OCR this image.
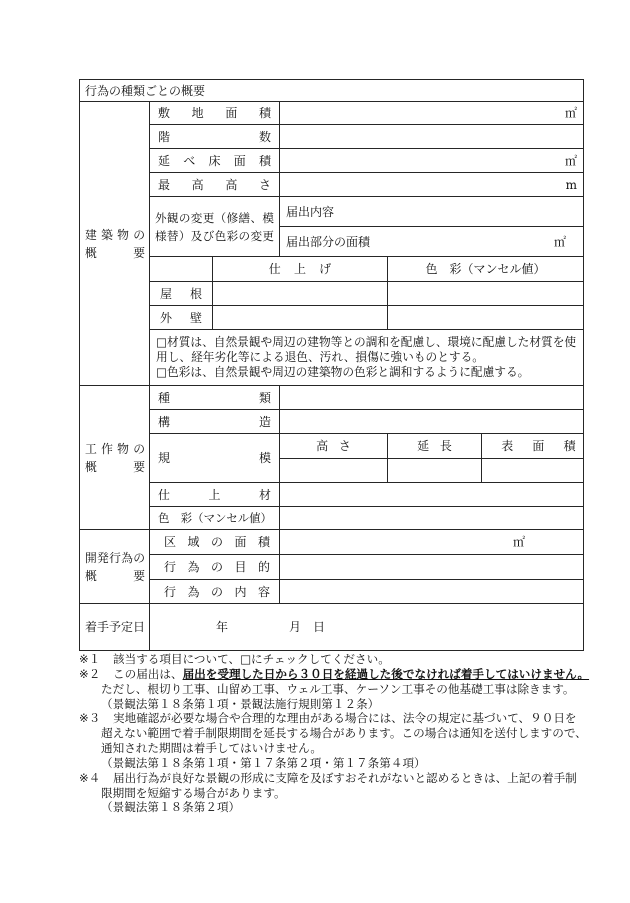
行為の種類ごとの概要					

建築物の
概要	敷地面積		㎡		
	階数				
	延べ床面積		㎡		
	最高高さ		m		

	外観の変更（修繕、模
様替）及び色彩の変更		届出内容		

			届出部分の面積 ㎡		

		仕上げ		色　彩（マンセル値）	
	屋根				
	外壁				

	□材質は、自然景観や周辺の建物等との調和を配慮し、環境に配慮した材質を使
用し、経年劣化等による退色、汚れ、損傷に強いものとする。
□色彩は、自然景観や周辺の建築物の色彩と調和するように配慮する。				

工作物の
概要	種類				
	構造				
	規模		高さ	延長	表面積

	仕上材				
	色　彩（マンセル値）				

開発行為の
概要	区域の面積		㎡		
	行為の目的				
	行為の内容				
着手予定日	年 月 日				
※１ 該当する項目について、□にチェックしてください。
※２ この届出は、届出を受理した日から３０日を経過した後でなければ着手してはいけません。
ただし、根切り工事、山留め工事、ウェル工事、ケーソン工事その他基礎工事は除きます。
（景観法第１８条第１項・景観法施行規則第１２条）
※３ 実地確認が必要な場合や合理的な理由がある場合には、法令の規定に基づいて、９０日を
超えない範囲で着手制限期間を延長する場合があります。この場合は通知を送付しますので、
通知された期間は着手してはいけません。
（景観法第１８条第１項・第１７条第２項・第１７条第４項）
※４ 届出行為が良好な景観の形成に支障を及ぼすおそれがないと認めるときは、上記の着手制
限期間を短縮する場合があります。
（景観法第１８条第２項）
